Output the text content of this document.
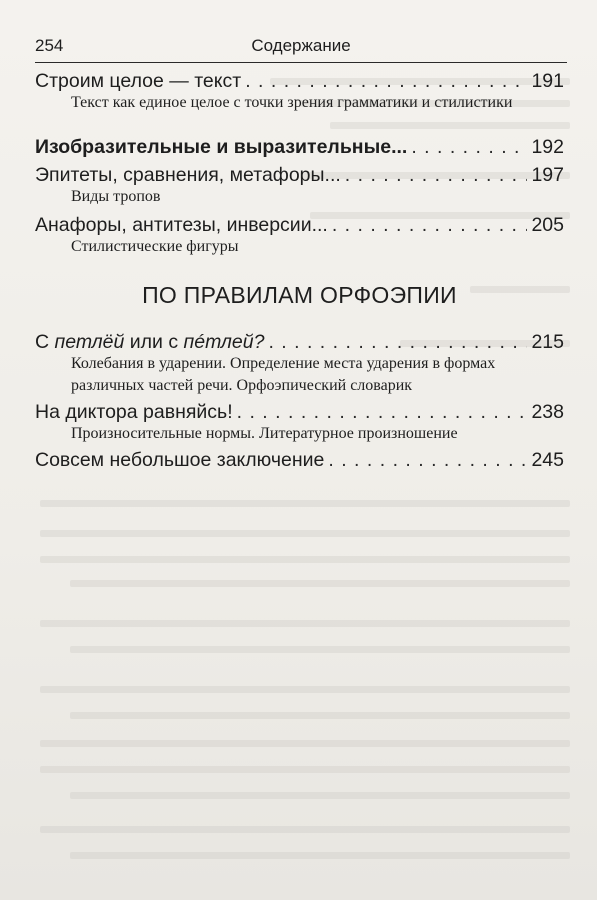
254	Содержание
Строим целое — текст . . .	191
Текст как единое целое с точки зрения грамматики и стилистики
Изобразительные и выразительные... . . .	192
Эпитеты, сравнения, метафоры... . . .	197
Виды тропов
Анафоры, антитезы, инверсии... . . .	205
Стилистические фигуры
ПО ПРАВИЛАМ ОРФОЭПИИ
С петлёй или с пéтлей? . . .	215
Колебания в ударении. Определение места ударения в формах различных частей речи. Орфоэпический словарик
На диктора равняйсь! . . .	238
Произносительные нормы. Литературное произношение
Совсем небольшое заключение . . .	245
